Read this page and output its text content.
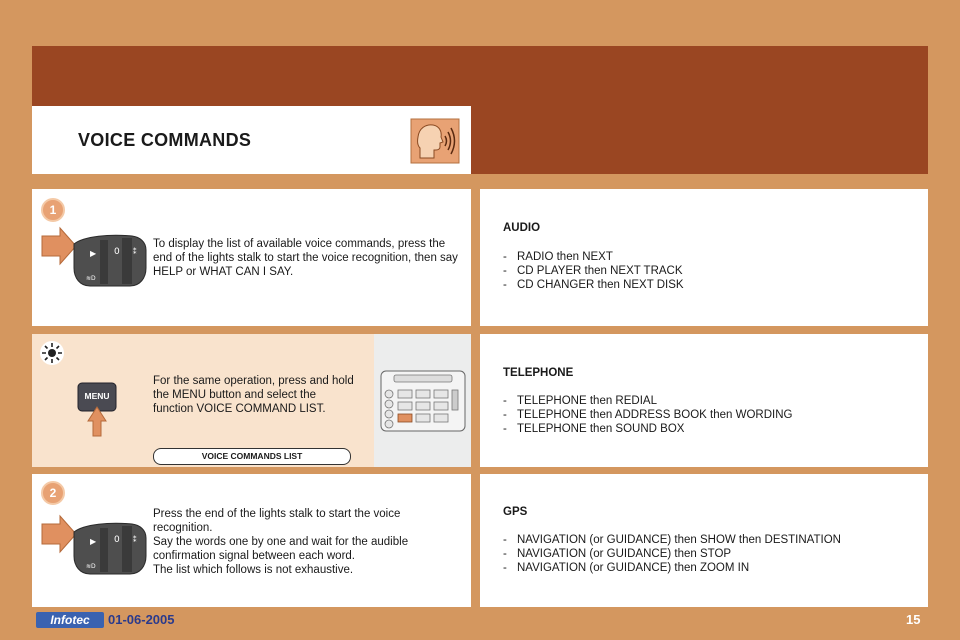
VOICE COMMANDS
1
2
▶ 0 ⁑
≋D
▶ 0 ⁑
≋D
MENU
To display the list of available voice commands, press the end of the lights stalk to start the voice recognition, then say HELP or WHAT CAN I SAY.
For the same operation, press and hold the MENU button and select the function VOICE COMMAND LIST.
VOICE COMMANDS LIST
Press the end of the lights stalk to start the voice recognition.
Say the words one by one and wait for the audible confirmation signal between each word.
The list which follows is not exhaustive.
AUDIO
- RADIO then NEXT
- CD PLAYER then NEXT TRACK
- CD CHANGER then NEXT DISK
TELEPHONE
- TELEPHONE then REDIAL
- TELEPHONE then ADDRESS BOOK then WORDING
- TELEPHONE then SOUND BOX
GPS
- NAVIGATION (or GUIDANCE) then SHOW then DESTINATION
- NAVIGATION (or GUIDANCE) then STOP
- NAVIGATION (or GUIDANCE) then ZOOM IN
Infotec	01-06-2005	15
